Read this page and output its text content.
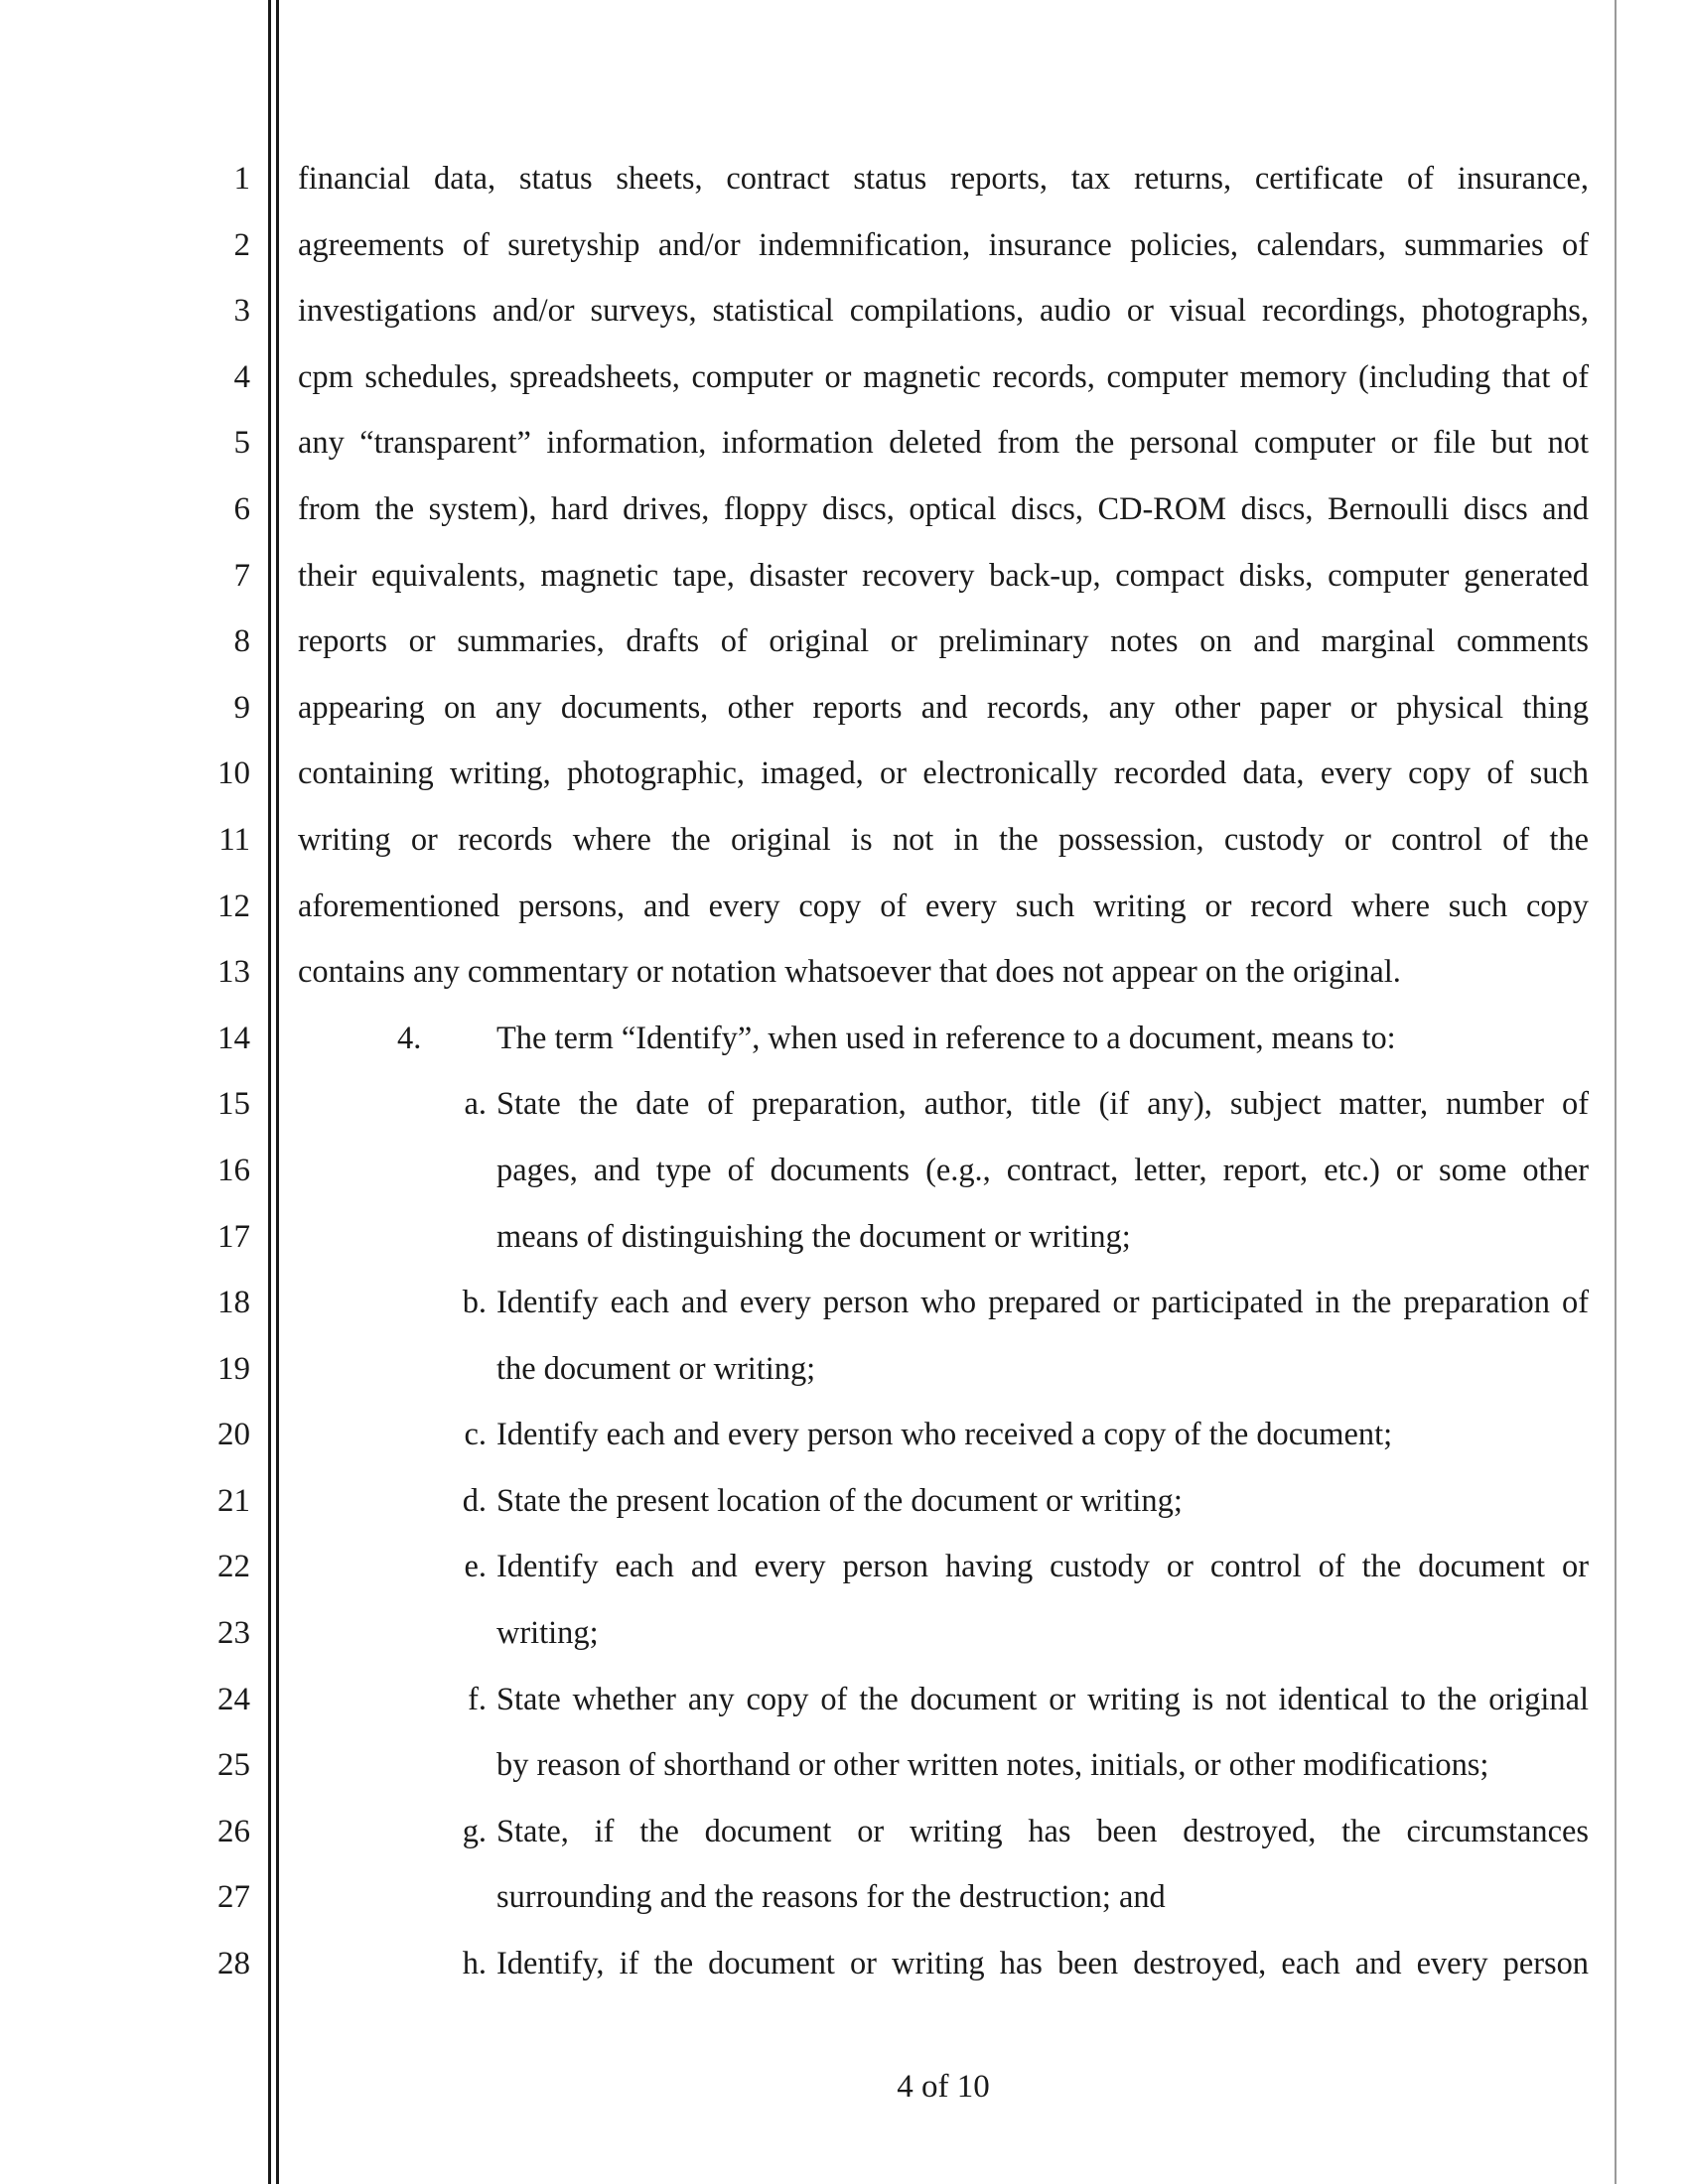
1
2
3
4
5
6
7
8
9
10
11
12
13
14
15
16
17
18
19
20
21
22
23
24
25
26
27
28
financial data, status sheets, contract status reports, tax returns, certificate of insurance,
agreements of suretyship and/or indemnification, insurance policies, calendars, summaries of
investigations and/or surveys, statistical compilations, audio or visual recordings, photographs,
cpm schedules, spreadsheets, computer or magnetic records, computer memory (including that of
any “transparent” information, information deleted from the personal computer or file but not
from the system), hard drives, floppy discs, optical discs, CD-ROM discs, Bernoulli discs and
their equivalents, magnetic tape, disaster recovery back-up, compact disks, computer generated
reports or summaries, drafts of original or preliminary notes on and marginal comments
appearing on any documents, other reports and records, any other paper or physical thing
containing writing, photographic, imaged, or electronically recorded data, every copy of such
writing or records where the original is not in the possession, custody or control of the
aforementioned persons, and every copy of every such writing or record where such copy
contains any commentary or notation whatsoever that does not appear on the original.
4.	The term “Identify”, when used in reference to a document, means to:
a. State the date of preparation, author, title (if any), subject matter, number of
pages, and type of documents (e.g., contract, letter, report, etc.) or some other
means of distinguishing the document or writing;
b. Identify each and every person who prepared or participated in the preparation of
the document or writing;
c. Identify each and every person who received a copy of the document;
d. State the present location of the document or writing;
e. Identify each and every person having custody or control of the document or
writing;
f. State whether any copy of the document or writing is not identical to the original
by reason of shorthand or other written notes, initials, or other modifications;
g. State, if the document or writing has been destroyed, the circumstances
surrounding and the reasons for the destruction; and
h. Identify, if the document or writing has been destroyed, each and every person
4 of 10
